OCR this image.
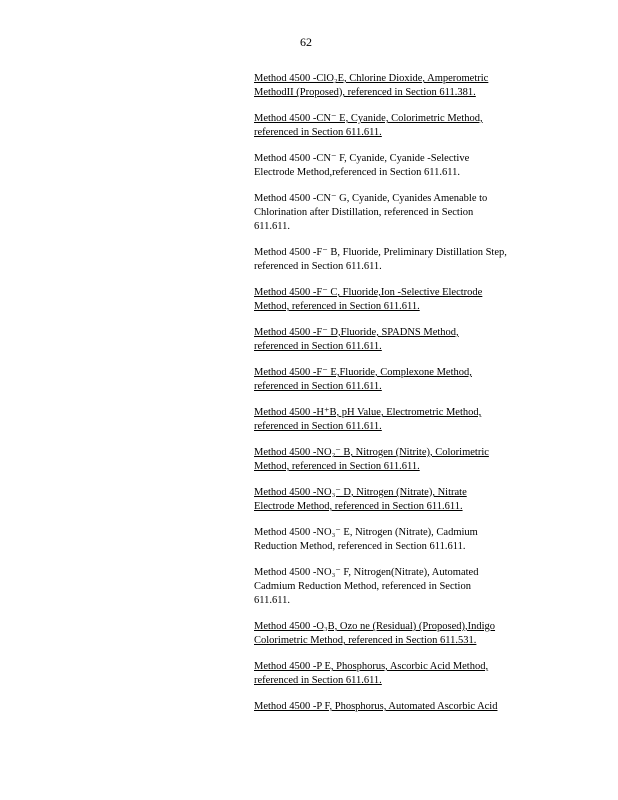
62

Method 4500 -ClO₂E, Chlorine Dioxide, Amperometric
MethodII (Proposed), referenced in Section 611.381.

Method 4500 -CN⁻ E, Cyanide, Colorimetric Method,
referenced in Section 611.611.

Method 4500 -CN⁻ F, Cyanide, Cyanide -Selective
Electrode Method,referenced in Section 611.611.

Method 4500 -CN⁻ G, Cyanide, Cyanides Amenable to
Chlorination after Distillation, referenced in Section
611.611.

Method 4500 -F⁻ B, Fluoride, Preliminary Distillation Step,
referenced in Section 611.611.

Method 4500 -F⁻ C, Fluoride,Ion -Selective Electrode
Method, referenced in Section 611.611.

Method 4500 -F⁻ D,Fluoride, SPADNS Method,
referenced in Section 611.611.

Method 4500 -F⁻ E,Fluoride, Complexone Method,
referenced in Section 611.611.

Method 4500 -H⁺B, pH Value, Electrometric Method,
referenced in Section 611.611.

Method 4500 -NO₂⁻ B, Nitrogen (Nitrite), Colorimetric
Method, referenced in Section 611.611.

Method 4500 -NO₃⁻ D, Nitrogen (Nitrate), Nitrate
Electrode Method, referenced in Section 611.611.

Method 4500 -NO₃⁻ E, Nitrogen (Nitrate), Cadmium
Reduction Method, referenced in Section 611.611.

Method 4500 -NO₃⁻ F, Nitrogen(Nitrate), Automated
Cadmium Reduction Method, referenced in Section
611.611.

Method 4500 -O₃B, Ozo ne (Residual) (Proposed),Indigo
Colorimetric Method, referenced in Section 611.531.

Method 4500 -P E, Phosphorus, Ascorbic Acid Method,
referenced in Section 611.611.

Method 4500 -P F, Phosphorus, Automated Ascorbic Acid
